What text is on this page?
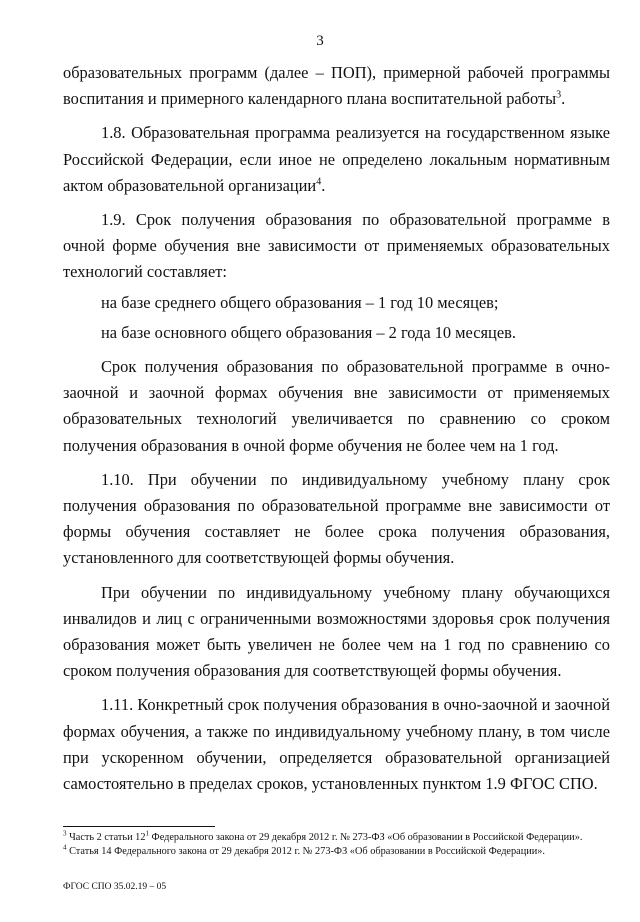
3

образовательных программ (далее – ПОП), примерной рабочей программы воспитания и примерного календарного плана воспитательной работы$^3$.

1.8. Образовательная программа реализуется на государственном языке Российской Федерации, если иное не определено локальным нормативным актом образовательной организации$^4$.

1.9. Срок получения образования по образовательной программе в очной форме обучения вне зависимости от применяемых образовательных технологий составляет:

на базе среднего общего образования – 1 год 10 месяцев;

на базе основного общего образования – 2 года 10 месяцев.

Срок получения образования по образовательной программе в очно-заочной и заочной формах обучения вне зависимости от применяемых образовательных технологий увеличивается по сравнению со сроком получения образования в очной форме обучения не более чем на 1 год.

1.10. При обучении по индивидуальному учебному плану срок получения образования по образовательной программе вне зависимости от формы обучения составляет не более срока получения образования, установленного для соответствующей формы обучения.

При обучении по индивидуальному учебному плану обучающихся инвалидов и лиц с ограниченными возможностями здоровья срок получения образования может быть увеличен не более чем на 1 год по сравнению со сроком получения образования для соответствующей формы обучения.

1.11. Конкретный срок получения образования в очно-заочной и заочной формах обучения, а также по индивидуальному учебному плану, в том числе при ускоренном обучении, определяется образовательной организацией самостоятельно в пределах сроков, установленных пунктом 1.9 ФГОС СПО.

$^3$ Часть 2 статьи 12$^1$ Федерального закона от 29 декабря 2012 г. № 273-ФЗ «Об образовании в Российской Федерации».
$^4$ Статья 14 Федерального закона от 29 декабря 2012 г. № 273-ФЗ «Об образовании в Российской Федерации».
ФГОС СПО 35.02.19 – 05
